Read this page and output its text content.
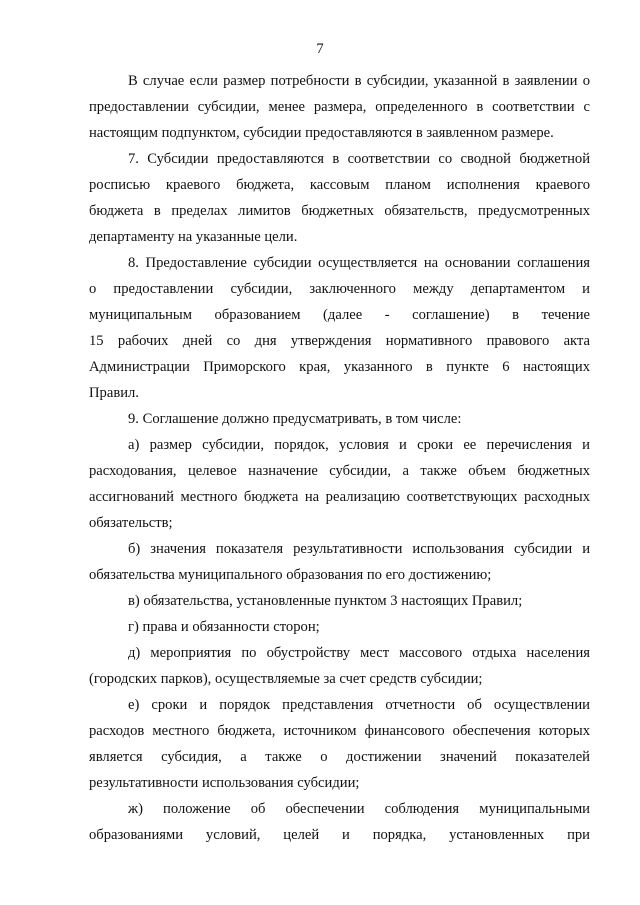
7
В случае если размер потребности в субсидии, указанной в заявлении о
предоставлении субсидии, менее размера, определенного в соответствии с
настоящим подпунктом, субсидии предоставляются в заявленном размере.
7. Субсидии предоставляются в соответствии со сводной бюджетной
росписью краевого бюджета, кассовым планом исполнения краевого
бюджета в пределах лимитов бюджетных обязательств, предусмотренных
департаменту на указанные цели.
8. Предоставление субсидии осуществляется на основании соглашения
о предоставлении субсидии, заключенного между департаментом и
муниципальным образованием (далее - соглашение) в течение
15 рабочих дней со дня утверждения нормативного правового акта
Администрации Приморского края, указанного в пункте 6 настоящих
Правил.
9. Соглашение должно предусматривать, в том числе:
а) размер субсидии, порядок, условия и сроки ее перечисления и
расходования, целевое назначение субсидии, а также объем бюджетных
ассигнований местного бюджета на реализацию соответствующих расходных
обязательств;
б) значения показателя результативности использования субсидии и
обязательства муниципального образования по его достижению;
в) обязательства, установленные пунктом 3 настоящих Правил;
г) права и обязанности сторон;
д) мероприятия по обустройству мест массового отдыха населения
(городских парков), осуществляемые за счет средств субсидии;
е) сроки и порядок представления отчетности об осуществлении
расходов местного бюджета, источником финансового обеспечения которых
является субсидия, а также о достижении значений показателей
результативности использования субсидии;
ж) положение об обеспечении соблюдения муниципальными
образованиями условий, целей и порядка, установленных при
